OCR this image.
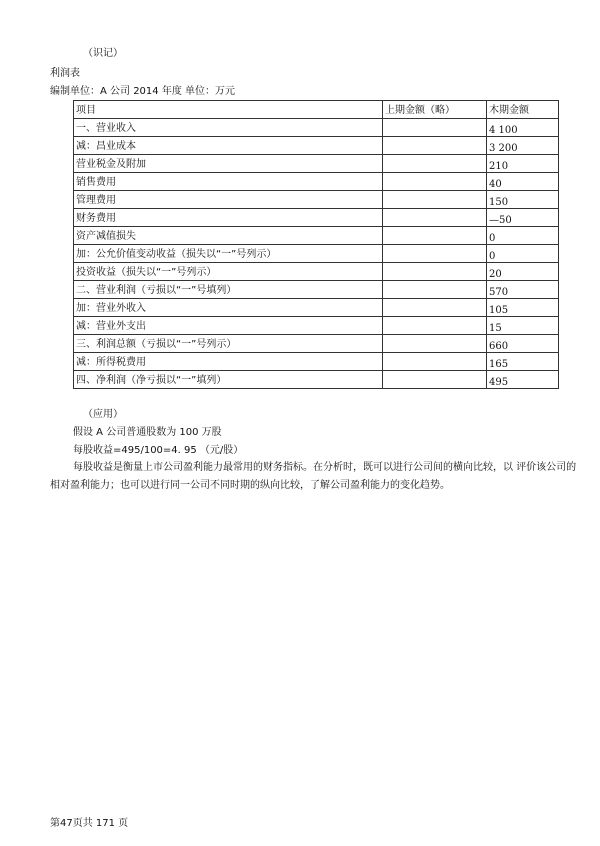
（识记）
利润表
编制单位：A 公司 2014 年度 单位：万元
项目	上期金额（略）	木期金额
一、营业收入		4 100
减：昌业成本		3 200
营业税金及附加		210
销售费用		40
管理费用		150
财务费用		—50
资产减值损失		0
加：公允价值变动收益（损失以“一”号列示）		0
投资收益（损失以“一”号列示）		20
二、营业利润（亏损以“一”号填列）		570
加：营业外收入		105
减：营业外支出		15
三、利润总额（亏损以“一”号列示）		660
减：所得税费用		165
四、净利润（净亏损以“一”填列）		495
（应用）
假设 A 公司普通股数为 100 万股
每股收益=495/100=4. 95 （元/股）
每股收益是衡量上市公司盈利能力最常用的财务指标。在分析时，既可以进行公司间的横向比较，以 评价该公司的相对盈利能力；也可以进行同一公司不同时期的纵向比较，了解公司盈利能力的变化趋势。
第47页共 171 页
